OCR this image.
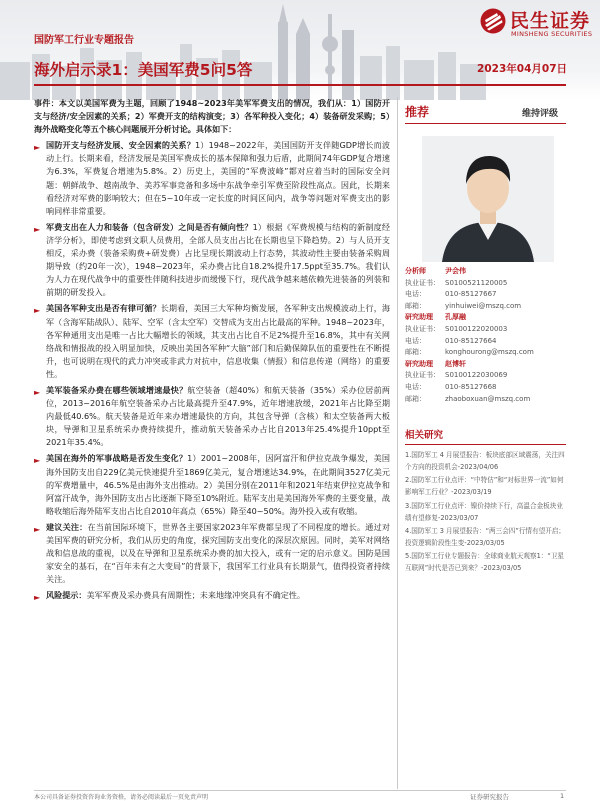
民生证券
MINSHENG SECURITIES
国防军工行业专题报告
海外启示录1：美国军费5问5答	2023年04月07日

事件：本文以美国军费为主题，回顾了1948~2023年美军军费支出的情况，我们从：1）国防开支与经济/安全因素的关系；2）军费开支的结构演变；3）各军种投入变化；4）装备研发采购；5）海外战略变化等五个核心问题展开分析讨论。具体如下：

► 国防开支与经济发展、安全因素的关系？1）1948~2022年，美国国防开支伴随GDP增长而波动上行。长期来看，经济发展是美国军费成长的基本保障和强力后盾，此期间74年GDP复合增速为6.3%，军费复合增速为5.8%。2）历史上，美国的“军费波峰”都对应着当时的国际安全问题：朝鲜战争、越南战争、美苏军事竞备和多场中东战争牵引军费至阶段性高点。因此，长期来看经济对军费的影响较大；但在5~10年或一定长度的时间区间内，战争等问题对军费支出的影响同样非常重要。

► 军费支出在人力和装备（包含研发）之间是否有倾向性？1）根据《军费规模与结构的新制度经济学分析》，即使考虑到文职人员费用，全部人员支出占比在长期也呈下降趋势。2）与人员开支相反，采办费（装备采购费+研发费）占比呈现长期波动上行态势，其波动性主要由装备采购周期导致（约20年一次），1948~2023年，采办费占比自18.2%提升17.5ppt至35.7%。我们认为人力在现代战争中的重要性伴随科技进步而缓慢下行，现代战争越来越依赖先进装备的列装和前期的研发投入。

► 美国各军种支出是否有律可循？长期看，美国三大军种均衡发展，各军种支出规模波动上行，海军（含海军陆战队）、陆军、空军（含太空军）交替成为支出占比最高的军种。1948~2023年，各军种通用支出是唯一占比大幅增长的领域，其支出占比自不足2%提升至16.8%，其中有关网络战和情报战的投入明显加快，反映出美国各军种“大脑”部门和后勤保障队伍的重要性在不断提升，也可说明在现代的武力冲突或非武力对抗中，信息收集（情报）和信息传递（网络）的重要性。

► 美军装备采办费在哪些领域增速最快？航空装备（超40%）和航天装备（35%）采办位居前两位，2013~2016年航空装备采办占比最高提升至47.9%，近年增速放缓，2021年占比降至期内最低40.6%。航天装备是近年来办增速最快的方向，其包含导弹（含核）和太空装备两大板块，导弹和卫星系统采办费持续提升，推动航天装备采办占比自2013年25.4%提升10ppt至2021年35.4%。

► 美国在海外的军事战略是否发生变化？1）2001~2008年，因阿富汗和伊拉克战争爆发，美国海外国防支出自229亿美元快速提升至1869亿美元，复合增速达34.9%，在此期间3527亿美元的军费增量中，46.5%是由海外支出推动。2）美国分别在2011年和2021年结束伊拉克战争和阿富汗战争，海外国防支出占比逐渐下降至10%附近。陆军支出是美国海外军费的主要变量，战略收缩后海外陆军支出占比自2010年高点（65%）降至40~50%。海外投入或有收缩。

► 建议关注：在当前国际环境下，世界各主要国家2023年军费都呈现了不同程度的增长。通过对美国军费的研究分析，我们从历史的角度，探究国防支出变化的深层次原因。同时，美军对网络战和信息战的重视，以及在导弹和卫星系统采办费的加大投入，或有一定的启示意义。国防是国家安全的基石，在“百年未有之大变局”的背景下，我国军工行业具有长期景气，值得投资者持续关注。

► 风险提示：美军军费及采办费具有周期性；未来地缘冲突具有不确定性。

推荐	维持评级
分析师	尹会伟
执业证书： S0100521120005
电话：	010-85127667
邮箱：	yinhuiwei@mszq.com
研究助理	孔厚融
执业证书： S0100122020003
电话：	010-85127664
邮箱：	konghourong@mszq.com
研究助理	赵博轩
执业证书： S0100122030069
电话：	010-85127668
邮箱：	zhaoboxuan@mszq.com
相关研究
1.国防军工 4 月展望报告：板块底部区域震荡，关注四个方向的投资机会-2023/04/06
2.国防军工行业点评：“中特估”和“对标世界一流”如何影响军工行业？-2023/03/19
3.国防军工行业点评：镍价持续下行，高温合金板块业绩有望修复-2023/03/07
4.国防军工 3 月展望报告：“两三会四”行情有望开启；投资逻辑阶段性生变-2023/03/05
5.国防军工行业专题报告：全球商业航天观察1：“卫星互联网”时代是否已到来？-2023/03/05
本公司具备证券投资咨询业务资格，请务必阅读最后一页免责声明	证券研究报告	1
